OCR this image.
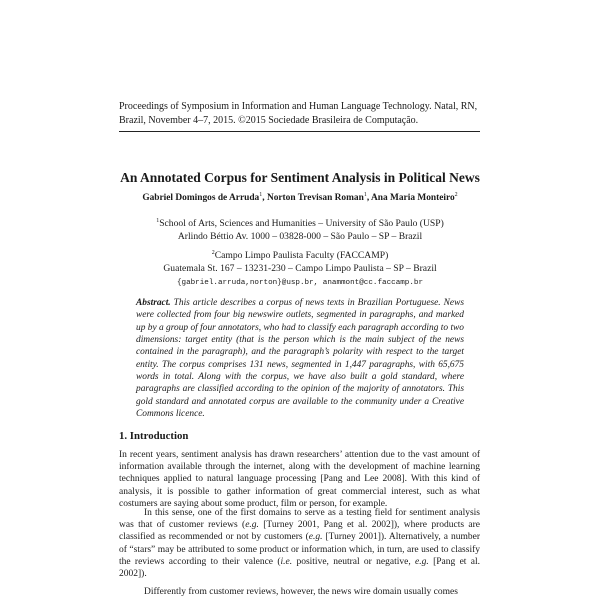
Proceedings of Symposium in Information and Human Language Technology. Natal, RN,
Brazil, November 4–7, 2015. ©2015 Sociedade Brasileira de Computação.
An Annotated Corpus for Sentiment Analysis in Political News
Gabriel Domingos de Arruda$^1$, Norton Trevisan Roman$^1$, Ana Maria Monteiro$^2$
$^1$School of Arts, Sciences and Humanities – University of São Paulo (USP)
Arlindo Béttio Av. 1000 – 03828-000 – São Paulo – SP – Brazil
$^2$Campo Limpo Paulista Faculty (FACCAMP)
Guatemala St. 167 – 13231-230 – Campo Limpo Paulista – SP – Brazil
{gabriel.arruda,norton}@usp.br, anammont@cc.faccamp.br
Abstract. This article describes a corpus of news texts in Brazilian Portuguese. News were collected from four big newswire outlets, segmented in paragraphs, and marked up by a group of four annotators, who had to classify each paragraph according to two dimensions: target entity (that is the person which is the main subject of the news contained in the paragraph), and the paragraph’s polarity with respect to the target entity. The corpus comprises 131 news, segmented in 1,447 paragraphs, with 65,675 words in total. Along with the corpus, we have also built a gold standard, where paragraphs are classified according to the opinion of the majority of annotators. This gold standard and annotated corpus are available to the community under a Creative Commons licence.
1. Introduction
In recent years, sentiment analysis has drawn researchers’ attention due to the vast amount of information available through the internet, along with the development of machine learning techniques applied to natural language processing [Pang and Lee 2008]. With this kind of analysis, it is possible to gather information of great commercial interest, such as what costumers are saying about some product, film or person, for example.
In this sense, one of the first domains to serve as a testing field for sentiment analysis was that of customer reviews (e.g. [Turney 2001, Pang et al. 2002]), where products are classified as recommended or not by customers (e.g. [Turney 2001]). Alternatively, a number of “stars” may be attributed to some product or information which, in turn, are used to classify the reviews according to their valence (i.e. positive, neutral or negative, e.g. [Pang et al. 2002]).
Differently from customer reviews, however, the news wire domain usually comes
